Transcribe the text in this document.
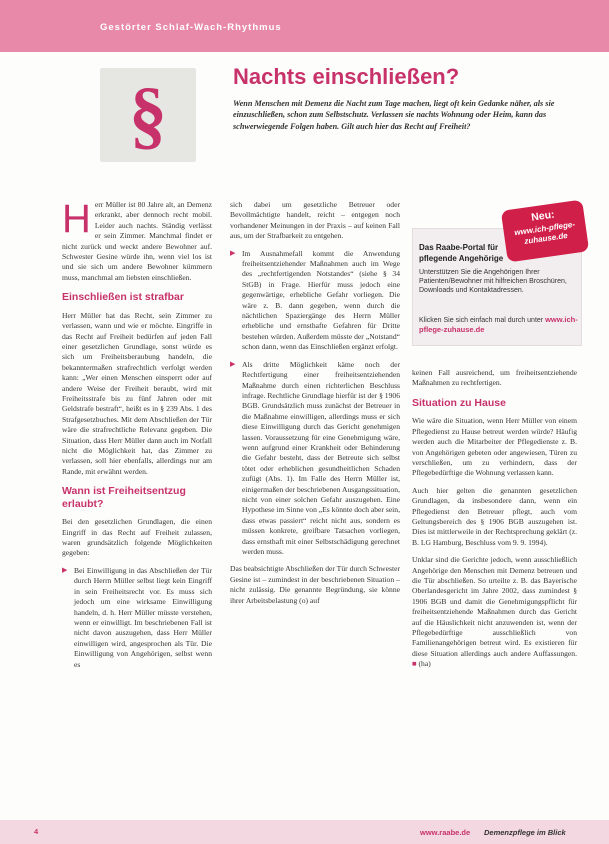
Gestörter Schlaf-Wach-Rhythmus
§	Nachts einschließen?
Wenn Menschen mit Demenz die Nacht zum Tage machen, liegt oft kein Gedanke näher, als sie einzuschließen, schon zum Selbstschutz. Verlassen sie nachts Wohnung oder Heim, kann das schwerwiegende Folgen haben. Gilt auch hier das Recht auf Freiheit?

Herr Müller ist 80 Jahre alt, an Demenz erkrankt, aber dennoch recht mobil. Leider auch nachts. Ständig verlässt er sein Zimmer. Manchmal findet er nicht zurück und weckt andere Bewohner auf. Schwester Gesine würde ihn, wenn viel los ist und sie sich um andere Bewohner kümmern muss, manchmal am liebsten einschließen.

Einschließen ist strafbar

Herr Müller hat das Recht, sein Zimmer zu verlassen, wann und wie er möchte. Eingriffe in das Recht auf Freiheit bedürfen auf jeden Fall einer gesetzlichen Grundlage, sonst würde es sich um Freiheitsberaubung handeln, die bekanntermaßen strafrechtlich verfolgt werden kann: „Wer einen Menschen einsperrt oder auf andere Weise der Freiheit beraubt, wird mit Freiheitsstrafe bis zu fünf Jahren oder mit Geldstrafe bestraft“, heißt es in § 239 Abs. 1 des Strafgesetzbuches. Mit dem Abschließen der Tür wäre die strafrechtliche Relevanz gegeben. Die Situation, dass Herr Müller dann auch im Notfall nicht die Möglichkeit hat, das Zimmer zu verlassen, soll hier ebenfalls, allerdings nur am Rande, mit erwähnt werden.

Wann ist Freiheitsentzug erlaubt?

Bei den gesetzlichen Grundlagen, die einen Eingriff in das Recht auf Freiheit zulassen, waren grundsätzlich folgende Möglichkeiten gegeben:

▶ Bei Einwilligung in das Abschließen der Tür durch Herrn Müller selbst liegt kein Eingriff in sein Freiheitsrecht vor. Es muss sich jedoch um eine wirksame Einwilligung handeln, d. h. Herr Müller müsste verstehen, wenn er einwilligt. Im beschriebenen Fall ist nicht davon auszugehen, dass Herr Müller einwilligen wird, angesprochen als Tür. Die Einwilligung von Angehörigen, selbst wenn es

sich dabei um gesetzliche Betreuer oder Bevollmächtigte handelt, reicht – entgegen noch vorhandener Meinungen in der Praxis – auf keinen Fall aus, um der Strafbarkeit zu entgehen.

▶ Im Ausnahmefall kommt die Anwendung freiheitsentziehender Maßnahmen auch im Wege des „rechtfertigenden Notstandes“ (siehe § 34 StGB) in Frage. Hierfür muss jedoch eine gegenwärtige, erhebliche Gefahr vorliegen. Die wäre z. B. dann gegeben, wenn durch die nächtlichen Spaziergänge des Herrn Müller erhebliche und ernsthafte Gefahren für Dritte bestehen würden. Außerdem müsste der „Notstand“ schon dann, wenn das Einschließen ergänzt erfolgt.
▶ Als dritte Möglichkeit käme noch der Rechtfertigung einer freiheitsentziehenden Maßnahme durch einen richterlichen Beschluss infrage. Rechtliche Grundlage hierfür ist der § 1906 BGB. Grundsätzlich muss zunächst der Betreuer in die Maßnahme einwilligen, allerdings muss er sich diese Einwilligung durch das Gericht genehmigen lassen. Voraussetzung für eine Genehmigung wäre, wenn aufgrund einer Krankheit oder Behinderung die Gefahr besteht, dass der Betreute sich selbst tötet oder erheblichen gesundheitlichen Schaden zufügt (Abs. 1). Im Falle des Herrn Müller ist, einigermaßen der beschriebenen Ausgangssituation, nicht von einer solchen Gefahr auszugehen. Eine Hypothese im Sinne von „Es könnte doch aber sein, dass etwas passiert“ reicht nicht aus, sondern es müssen konkrete, greifbare Tatsachen vorliegen, dass ernsthaft mit einer Selbstschädigung gerechnet werden muss.

Das beabsichtigte Abschließen der Tür durch Schwester Gesine ist – zumindest in der beschriebenen Situation – nicht zulässig. Die genannte Begründung, sie könne ihrer Arbeitsbelastung (o) auf

Das Raabe-Portal für pflegende Angehörige
Unterstützen Sie die Angehörigen Ihrer Patienten/Bewohner mit hilfreichen Broschüren, Downloads und Kontaktadressen.
Klicken Sie sich einfach mal durch unter www.ich-pflege-zuhause.de
Neu:
www.ich-pflege-zuhause.de

keinen Fall ausreichend, um freiheitsentziehende Maßnahmen zu rechtfertigen.

Situation zu Hause

Wie wäre die Situation, wenn Herr Müller von einem Pflegedienst zu Hause betreut werden würde? Häufig werden auch die Mitarbeiter der Pflegedienste z. B. von Angehörigen gebeten oder angewiesen, Türen zu verschließen, um zu verhindern, dass der Pflegebedürftige die Wohnung verlassen kann.

Auch hier gelten die genannten gesetzlichen Grundlagen, da insbesondere dann, wenn ein Pflegedienst den Betreuer pflegt, auch vom Geltungsbereich des § 1906 BGB auszugehen ist. Dies ist mittlerweile in der Rechtsprechung geklärt (z. B. LG Hamburg, Beschluss vom 9. 9. 1994).

Unklar sind die Gerichte jedoch, wenn ausschließlich Angehörige den Menschen mit Demenz betreuen und die Tür abschließen. So urteilte z. B. das Bayerische Oberlandesgericht im Jahre 2002, dass zumindest § 1906 BGB und damit die Genehmigungspflicht für freiheitsentziehende Maßnahmen durch das Gericht auf die Häuslichkeit nicht anzuwenden ist, wenn der Pflegebedürftige ausschließlich von Familienangehörigen betreut wird. Es existieren für diese Situation allerdings auch andere Auffassungen. ■ (ha)

4	www.raabe.de Demenzpflege im Blick
